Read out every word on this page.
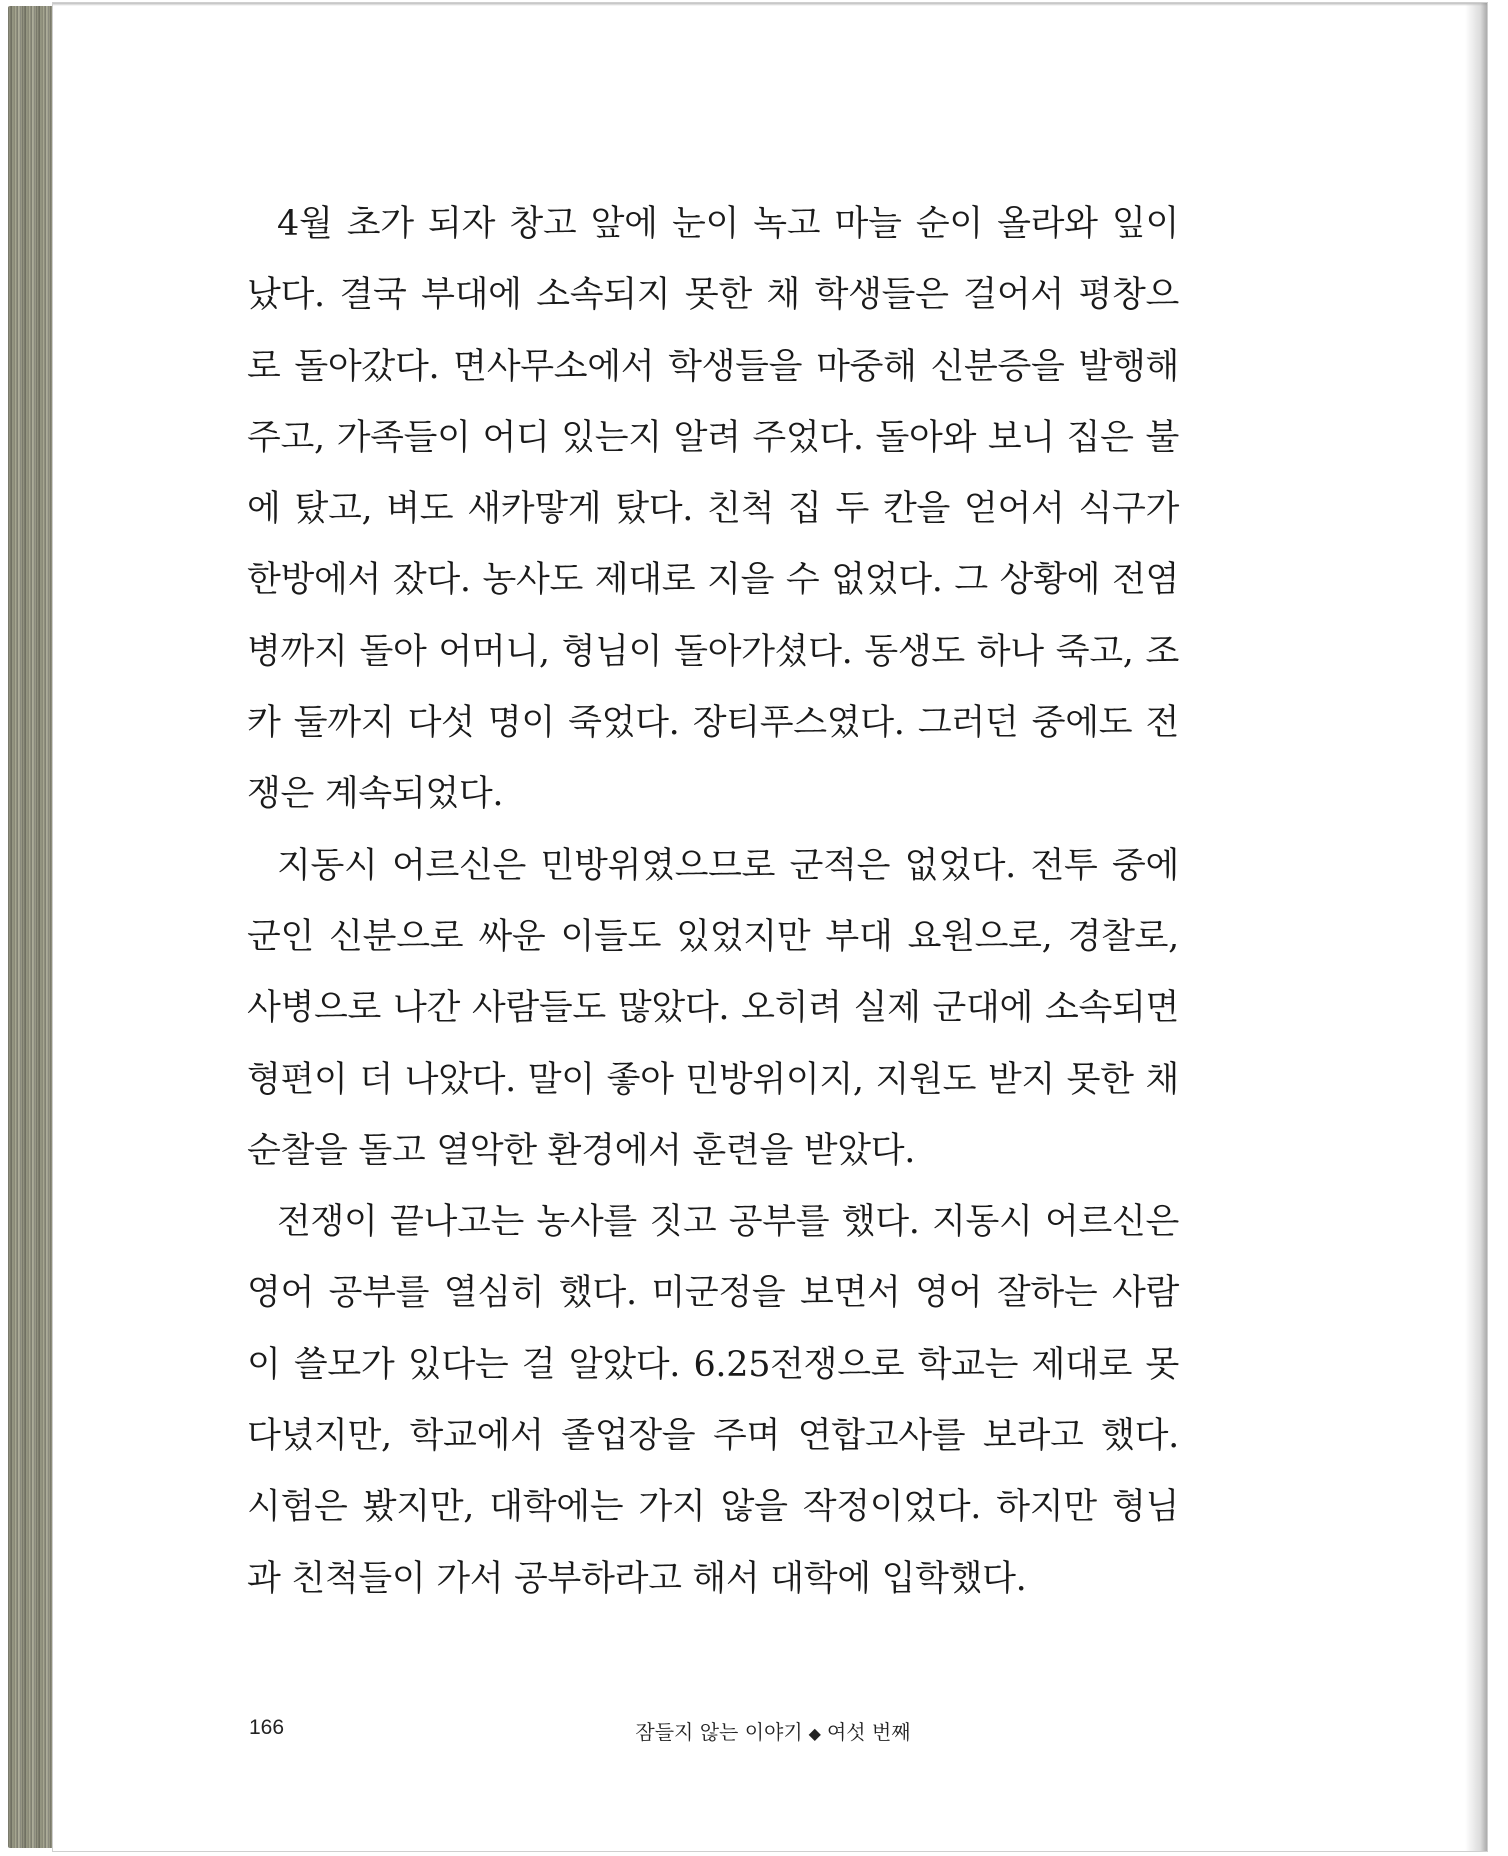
4월 초가 되자 창고 앞에 눈이 녹고 마늘 순이 올라와 잎이 났다. 결국 부대에 소속되지 못한 채 학생들은 걸어서 평창으로 돌아갔다. 면사무소에서 학생들을 마중해 신분증을 발행해 주고, 가족들이 어디 있는지 알려 주었다. 돌아와 보니 집은 불에 탔고, 벼도 새카맣게 탔다. 친척 집 두 칸을 얻어서 식구가 한방에서 잤다. 농사도 제대로 지을 수 없었다. 그 상황에 전염병까지 돌아 어머니, 형님이 돌아가셨다. 동생도 하나 죽고, 조카 둘까지 다섯 명이 죽었다. 장티푸스였다. 그러던 중에도 전쟁은 계속되었다.

지동시 어르신은 민방위였으므로 군적은 없었다. 전투 중에 군인 신분으로 싸운 이들도 있었지만 부대 요원으로, 경찰로, 사병으로 나간 사람들도 많았다. 오히려 실제 군대에 소속되면 형편이 더 나았다. 말이 좋아 민방위이지, 지원도 받지 못한 채 순찰을 돌고 열악한 환경에서 훈련을 받았다.

전쟁이 끝나고는 농사를 짓고 공부를 했다. 지동시 어르신은 영어 공부를 열심히 했다. 미군정을 보면서 영어 잘하는 사람이 쓸모가 있다는 걸 알았다. 6.25전쟁으로 학교는 제대로 못 다녔지만, 학교에서 졸업장을 주며 연합고사를 보라고 했다. 시험은 봤지만, 대학에는 가지 않을 작정이었다. 하지만 형님과 친척들이 가서 공부하라고 해서 대학에 입학했다.

166	잠들지 않는 이야기 ◆ 여섯 번째
